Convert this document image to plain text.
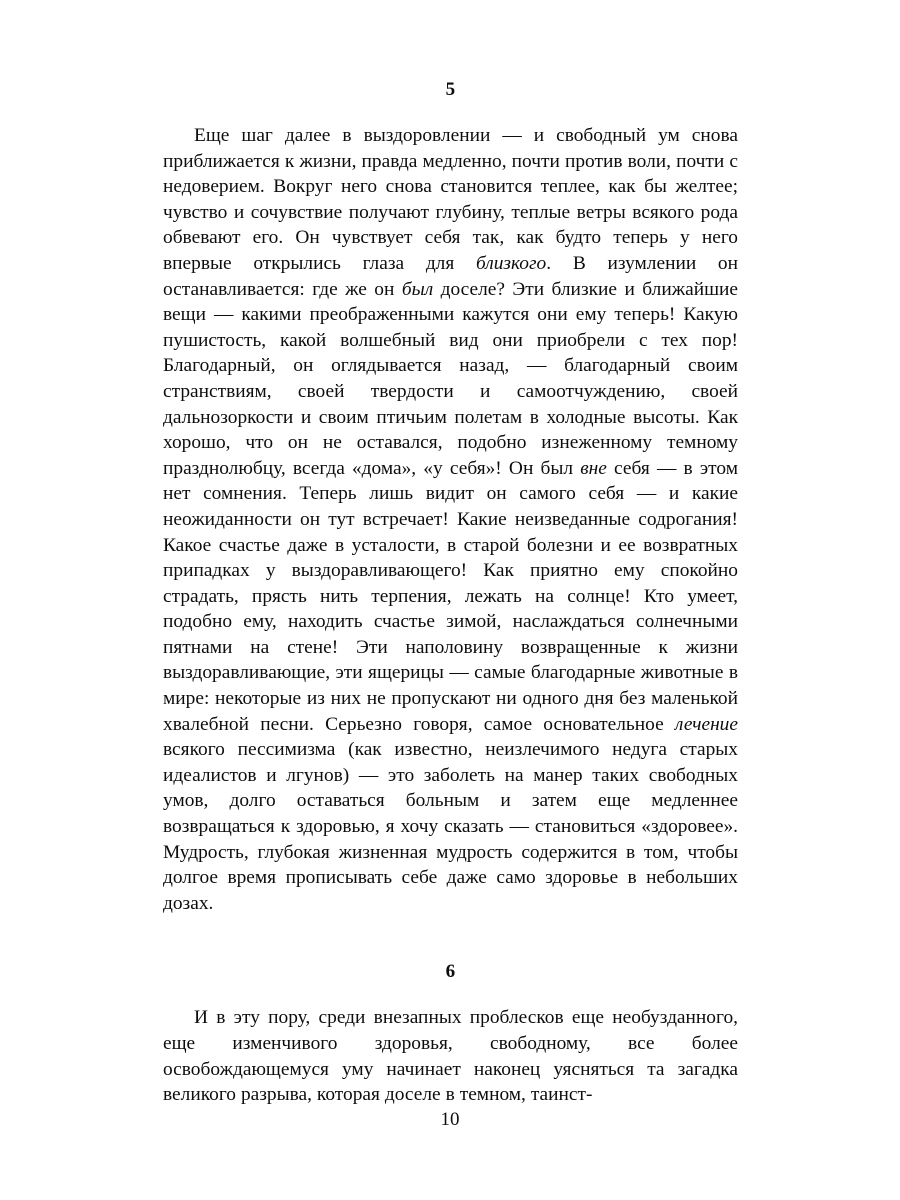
5

Еще шаг далее в выздоровлении — и свободный ум снова приближается к жизни, правда медленно, почти против воли, почти с недоверием. Вокруг него снова становится теплее, как бы желтее; чувство и сочувствие получают глубину, теплые ветры всякого рода обвевают его. Он чувствует себя так, как будто теперь у него впервые открылись глаза для близкого. В изумлении он останавливается: где же он был доселе? Эти близкие и ближайшие вещи — какими преображенными кажутся они ему теперь! Какую пушистость, какой волшебный вид они приобрели с тех пор! Благодарный, он оглядывается назад, — благодарный своим странствиям, своей твердости и самоотчуждению, своей дальнозоркости и своим птичьим полетам в холодные высоты. Как хорошо, что он не оставался, подобно изнеженному темному празднолюбцу, всегда «дома», «у себя»! Он был вне себя — в этом нет сомнения. Теперь лишь видит он самого себя — и какие неожиданности он тут встречает! Какие неизведанные содрогания! Какое счастье даже в усталости, в старой болезни и ее возвратных припадках у выздоравливающего! Как приятно ему спокойно страдать, прясть нить терпения, лежать на солнце! Кто умеет, подобно ему, находить счастье зимой, наслаждаться солнечными пятнами на стене! Эти наполовину возвращенные к жизни выздоравливающие, эти ящерицы — самые благодарные животные в мире: некоторые из них не пропускают ни одного дня без маленькой хвалебной песни. Серьезно говоря, самое основательное лечение всякого пессимизма (как известно, неизлечимого недуга старых идеалистов и лгунов) — это заболеть на манер таких свободных умов, долго оставаться больным и затем еще медленнее возвращаться к здоровью, я хочу сказать — становиться «здоровее». Мудрость, глубокая жизненная мудрость содержится в том, чтобы долгое время прописывать себе даже само здоровье в небольших дозах.

6

И в эту пору, среди внезапных проблесков еще необузданного, еще изменчивого здоровья, свободному, все более освобождающемуся уму начинает наконец уясняться та загадка великого разрыва, которая доселе в темном, таинст-

10
